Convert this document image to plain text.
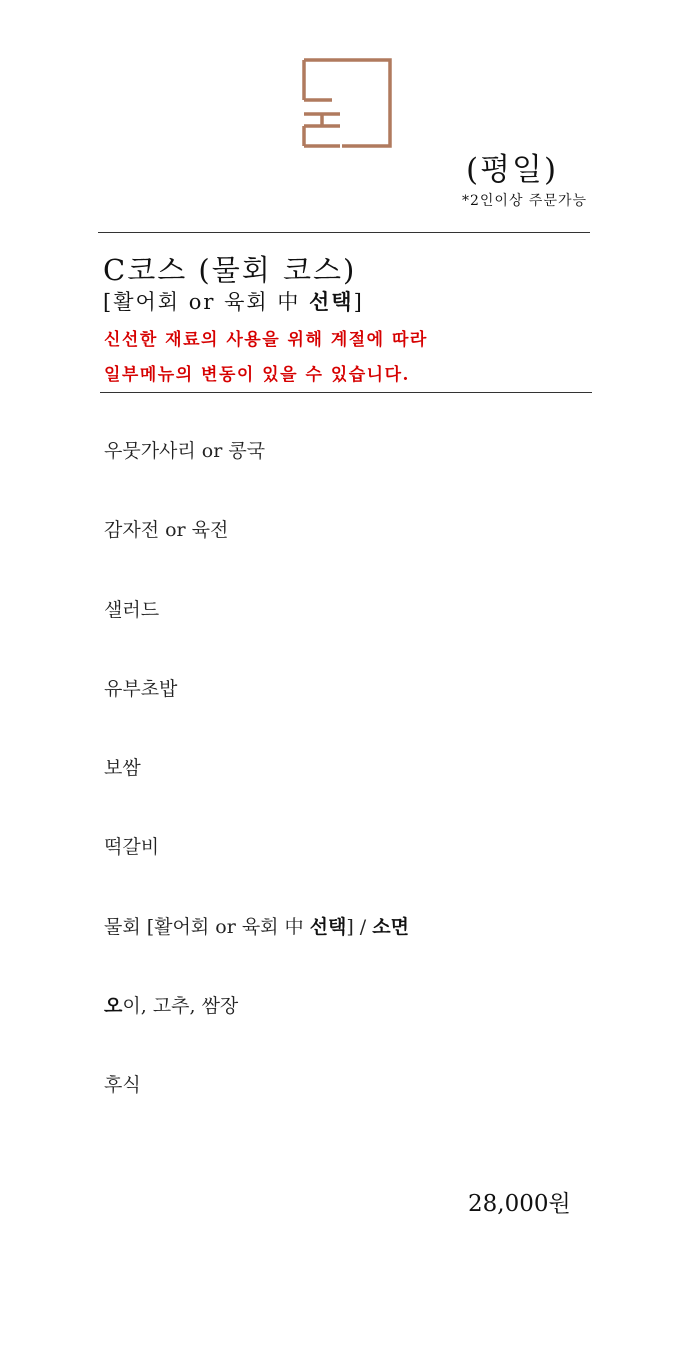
(평일)
*2인이상 주문가능
C코스 (물회 코스)
[활어회 or 육회 中 선택]
신선한 재료의 사용을 위해 계절에 따라
일부메뉴의 변동이 있을 수 있습니다.
우뭇가사리 or 콩국
감자전 or 육전
샐러드
유부초밥
보쌈
떡갈비
물회 [활어회 or 육회 中 선택] / 소면
오이, 고추, 쌈장
후식
28,000원
